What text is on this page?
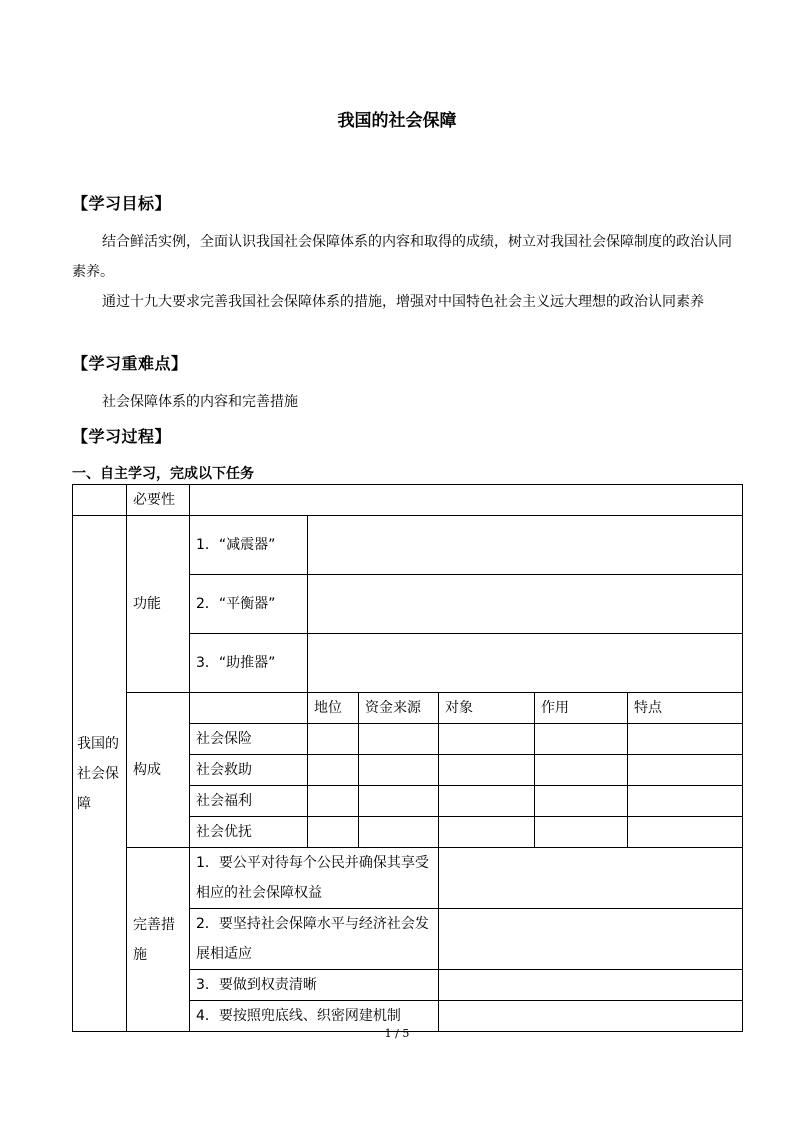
我国的社会保障
【学习目标】

结合鲜活实例，全面认识我国社会保障体系的内容和取得的成绩，树立对我国社会保障制度的政治认同素养。

通过十九大要求完善我国社会保障体系的措施，增强对中国特色社会主义远大理想的政治认同素养

【学习重难点】

社会保障体系的内容和完善措施

【学习过程】
一、自主学习，完成以下任务
	必要性						
我国的社会保障	功能	1．“减震器”					
		2．“平衡器”					
		3．“助推器”					
	构成		地位	资金来源	对象	作用	特点
		社会保险					
		社会救助					
		社会福利					
		社会优抚					
	完善措施	1．要公平对待每个公民并确保其享受相应的社会保障权益					
		2．要坚持社会保障水平与经济社会发展相适应					
		3．要做到权责清晰					
		4．要按照兜底线、织密网建机制					
1 / 5
